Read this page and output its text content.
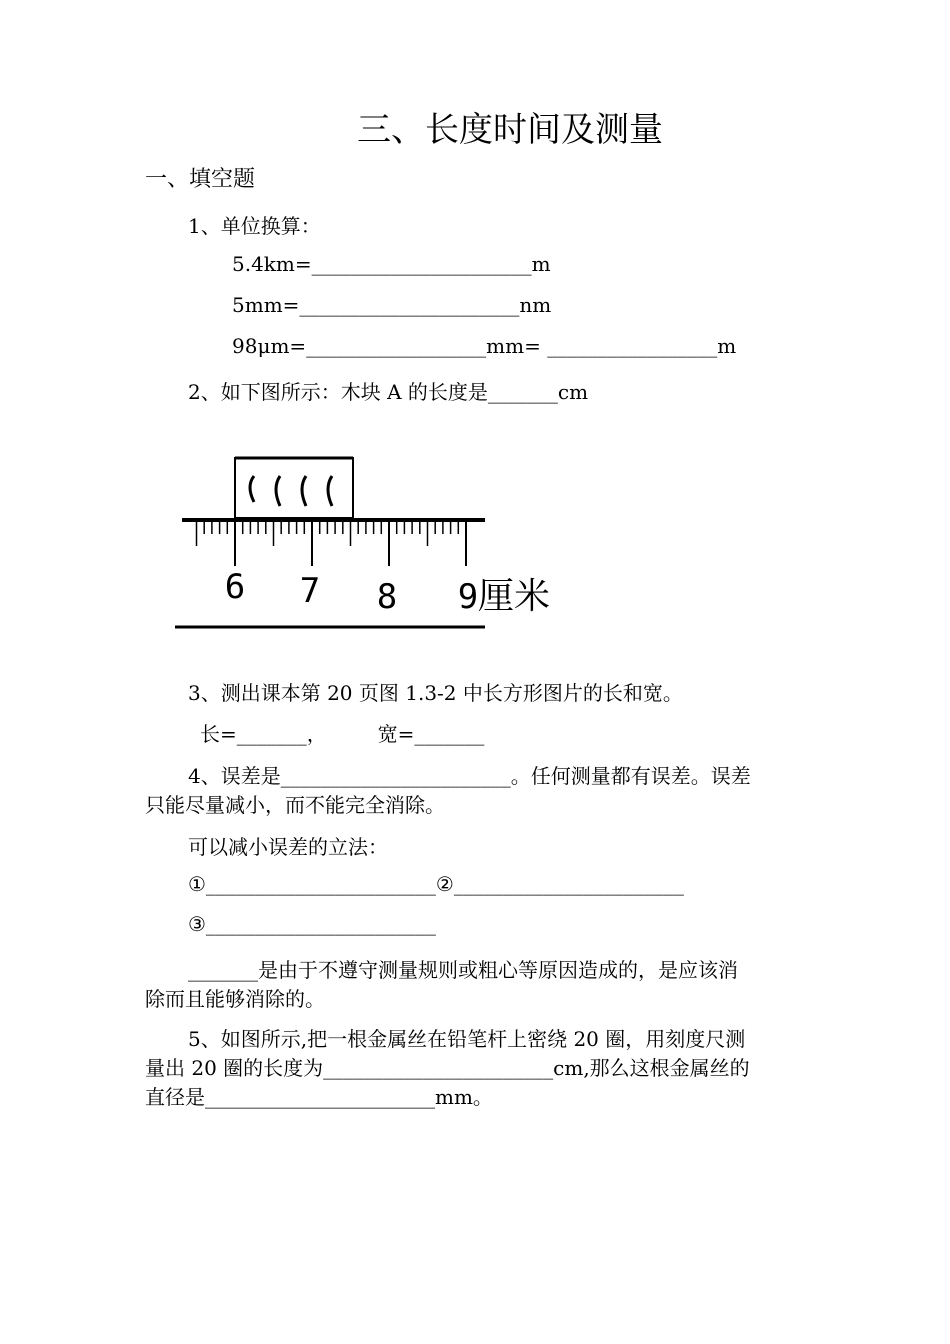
三、长度时间及测量
一、填空题
1、单位换算：
5.4km=______________________m
5mm=______________________nm
98μm=__________________mm= _________________m
2、如下图所示：木块 A 的长度是_______cm
6 7 8 9 厘米
3、测出课本第 20 页图 1.3-2 中长方形图片的长和宽。
长=_______，        宽=_______
4、误差是_______________________。任何测量都有误差。误差
只能尽量减小，而不能完全消除。
可以减小误差的立法：
①_______________________②_______________________
③_______________________
_______是由于不遵守测量规则或粗心等原因造成的，是应该消
除而且能够消除的。
5、如图所示,把一根金属丝在铅笔杆上密绕 20 圈，用刻度尺测
量出 20 圈的长度为_______________________cm,那么这根金属丝的
直径是_______________________mm。
